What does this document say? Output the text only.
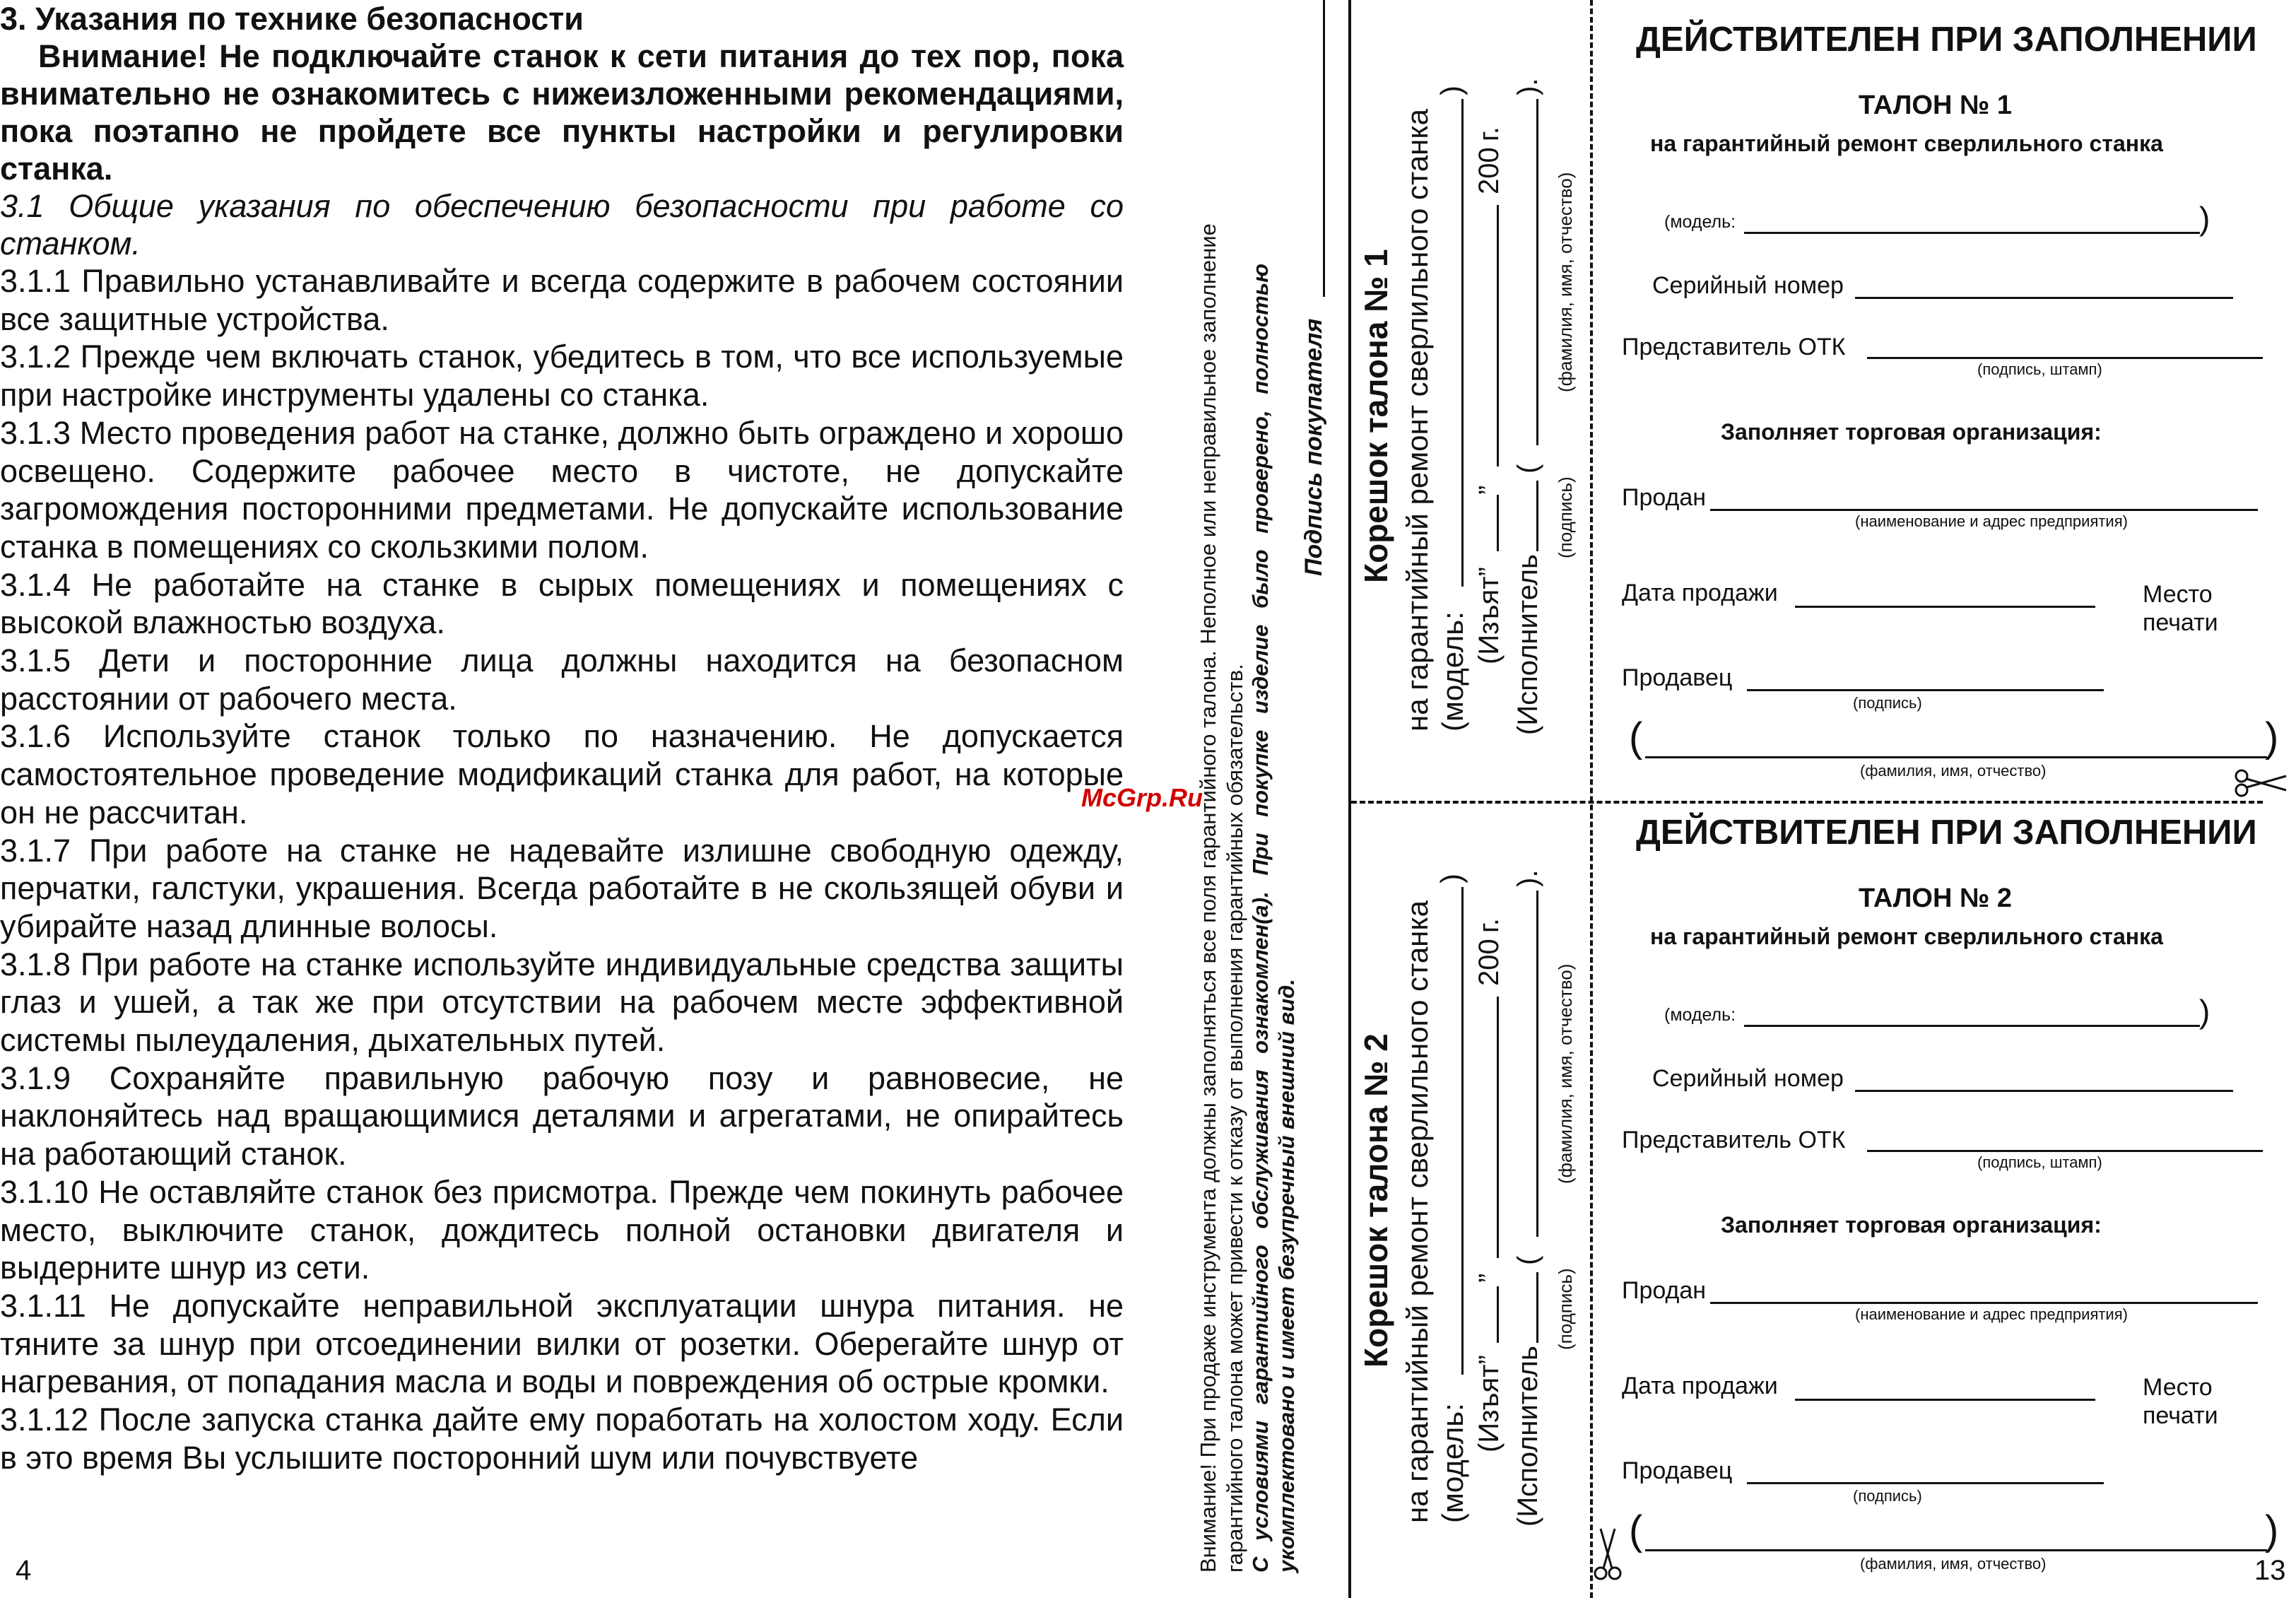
3. Указания по технике безопасности

Внимание! Не подключайте станок к сети питания до тех пор, пока внимательно не ознакомитесь с нижеизложенными рекомендациями, пока поэтапно не пройдете все пункты настройки и регулировки станка.

3.1 Общие указания по обеспечению безопасности при работе со станком.

3.1.1 Правильно устанавливайте и всегда содержите в рабочем состоянии все защитные устройства.

3.1.2 Прежде чем включать станок, убедитесь в том, что все используемые при настройке инструменты удалены со станка.

3.1.3 Место проведения работ на станке, должно быть ограждено и хорошо освещено. Содержите рабочее место в чистоте, не допускайте загромождения посторонними предметами. Не допускайте использование станка в помещениях со скользкими полом.

3.1.4 Не работайте на станке в сырых помещениях и помещениях с высокой влажностью воздуха.

3.1.5 Дети и посторонние лица должны находится на безопасном расстоянии от рабочего места.

3.1.6 Используйте станок только по назначению. Не допускается самостоятельное проведение модификаций станка для работ, на которые он не рассчитан.

3.1.7 При работе на станке не надевайте излишне свободную одежду, перчатки, галстуки, украшения. Всегда работайте в не скользящей обуви и убирайте назад длинные волосы.

3.1.8 При работе на станке используйте индивидуальные средства защиты глаз и ушей, а так же при отсутствии на рабочем месте эффективной системы пылеудаления, дыхательных путей.

3.1.9 Сохраняйте правильную рабочую позу и равновесие, не наклоняйтесь над вращающимися деталями и агрегатами, не опирайтесь на работающий станок.

3.1.10 Не оставляйте станок без присмотра. Прежде чем покинуть рабочее место, выключите станок, дождитесь полной остановки двигателя и выдерните шнур из сети.

3.1.11 Не допускайте неправильной эксплуатации шнура питания. не тяните за шнур при отсоединении вилки от розетки. Оберегайте шнур от нагревания, от попадания масла и воды и повреждения об острые кромки.

3.1.12 После запуска станка дайте ему поработать на холостом ходу. Если в это время Вы услышите посторонний шум или почувствуете

4
McGrp.Ru
Внимание! При продаже инструмента должны заполняться все поля гарантийного талона. Неполное или неправильное заполнение гарантийного талона может привести к отказу от выполнения гарантийных обязательств. С условиями гарантийного обслуживания ознакомлен(а). При покупке изделие было проверено, полностью укомплектовано и имеет безупречный внешний вид.
Подпись покупателя Корешок талона № 1 на гарантийный ремонт сверлильного станка (модель:
)
(Изъят”
”
200
г.
(Исполнитель
(
).
(подпись)
(фамилия, имя, отчество)
Корешок талона № 2 на гарантийный ремонт сверлильного станка (модель:
)
(Изъят”
”
200
г.
(Исполнитель
(
).
(подпись)
(фамилия, имя, отчество)
ДЕЙСТВИТЕЛЕН ПРИ ЗАПОЛНЕНИИ
ТАЛОН № 1
на гарантийный ремонт сверлильного станка
(модель:	)
Серийный номер
Представитель ОТК
(подпись, штамп)
Заполняет торговая организация:
Продан
(наименование и адрес предприятия)
Дата продажи	Место
печати
Продавец
(подпись)
(	)
(фамилия, имя, отчество)
ДЕЙСТВИТЕЛЕН ПРИ ЗАПОЛНЕНИИ
ТАЛОН № 2
на гарантийный ремонт сверлильного станка
(модель:	)
Серийный номер
Представитель ОТК
(подпись, штамп)
Заполняет торговая организация:
Продан
(наименование и адрес предприятия)
Дата продажи	Место
печати
Продавец
(подпись)
(	)
(фамилия, имя, отчество)	13
